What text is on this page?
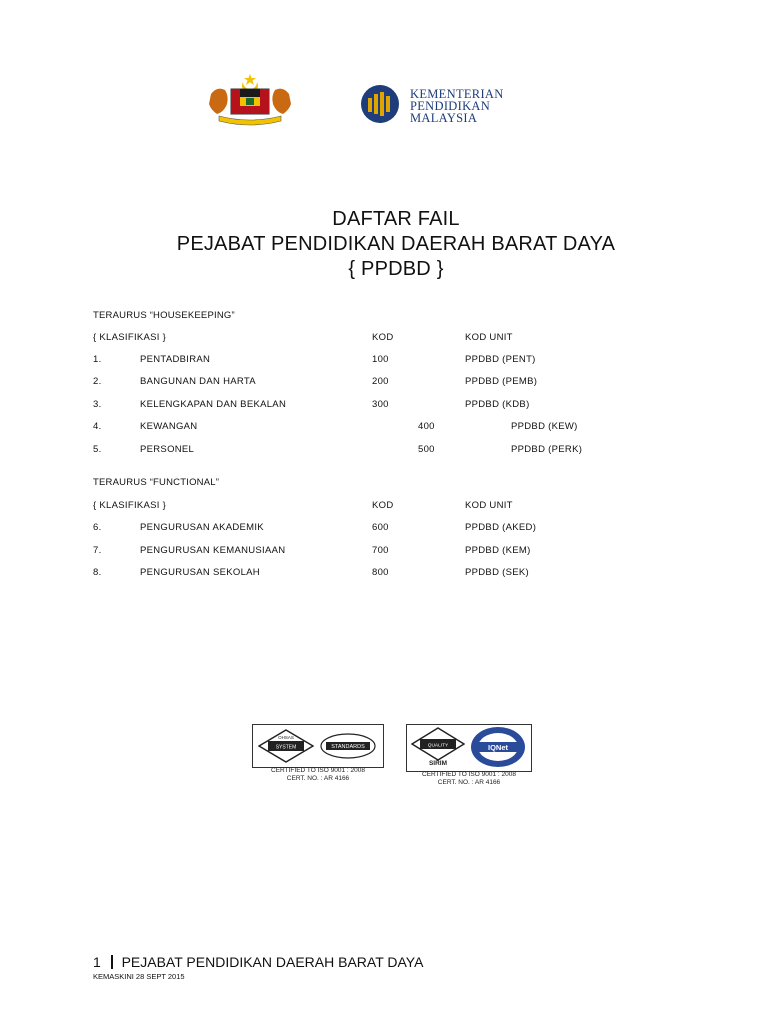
KEMENTERIAN
PENDIDIKAN
MALAYSIA
DAFTAR FAIL
PEJABAT PENDIDIKAN DAERAH BARAT DAYA
{ PPDBD }
TERAURUS “HOUSEKEEPING”
{ KLASIFIKASI }	KOD	KOD UNIT
1.	PENTADBIRAN	100	PPDBD (PENT)
2.	BANGUNAN DAN HARTA	200	PPDBD (PEMB)
3.	KELENGKAPAN DAN BEKALAN	300	PPDBD (KDB)
4.	KEWANGAN	400	PPDBD (KEW)
5.	PERSONEL	500	PPDBD (PERK)
TERAURUS “FUNCTIONAL”
{ KLASIFIKASI }	KOD	KOD UNIT
6.	PENGURUSAN AKADEMIK	600	PPDBD (AKED)
7.	PENGURUSAN KEMANUSIAAN	700	PPDBD (KEM)
8.	PENGURUSAN SEKOLAH	800	PPDBD (SEK)
OHSAS
SYSTEM	STANDARDS
CERTIFIED TO ISO 9001 : 2008
CERT. NO. : AR 4166
QUALITY
SIRIM
IQNet
CERTIFIED TO ISO 9001 : 2008
CERT. NO. : AR 4166
1 PEJABAT PENDIDIKAN DAERAH BARAT DAYA
KEMASKINI 28 SEPT 2015
